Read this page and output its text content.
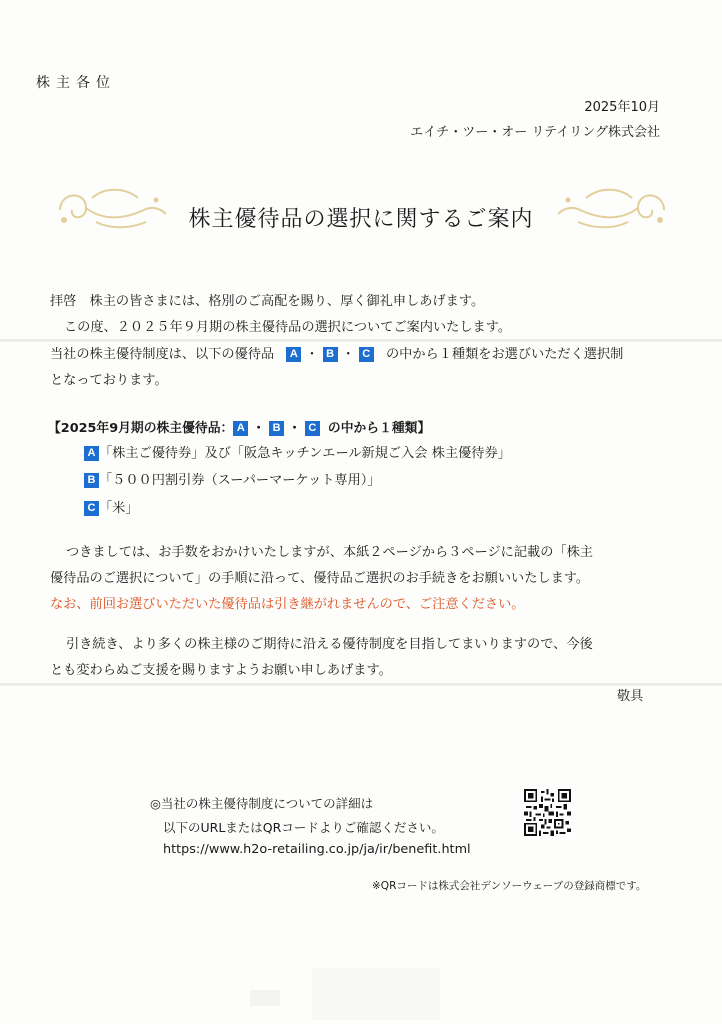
株主各位
2025年10月
エイチ・ツー・オー リテイリング株式会社
株主優待品の選択に関するご案内
拝啓　株主の皆さまには、格別のご高配を賜り、厚く御礼申しあげます。
この度、２０２５年９月期の株主優待品の選択についてご案内いたします。
当社の株主優待制度は、以下の優待品 A ・ B ・ C の中から１種類をお選びいただく選択制
となっております。
【2025年9月期の株主優待品： A ・ B ・ C の中から１種類】
A 「株主ご優待券」及び「阪急キッチンエール新規ご入会 株主優待券」
B 「５００円割引券（スーパーマーケット専用）」
C 「米」
つきましては、お手数をおかけいたしますが、本紙２ページから３ページに記載の「株主
優待品のご選択について」の手順に沿って、優待品ご選択のお手続きをお願いいたします。
なお、前回お選びいただいた優待品は引き継がれませんので、ご注意ください。
引き続き、より多くの株主様のご期待に沿える優待制度を目指してまいりますので、今後
とも変わらぬご支援を賜りますようお願い申しあげます。
敬具
◎当社の株主優待制度についての詳細は
以下のURLまたはQRコードよりご確認ください。
https://www.h2o-retailing.co.jp/ja/ir/benefit.html
※QRコードは株式会社デンソーウェーブの登録商標です。
